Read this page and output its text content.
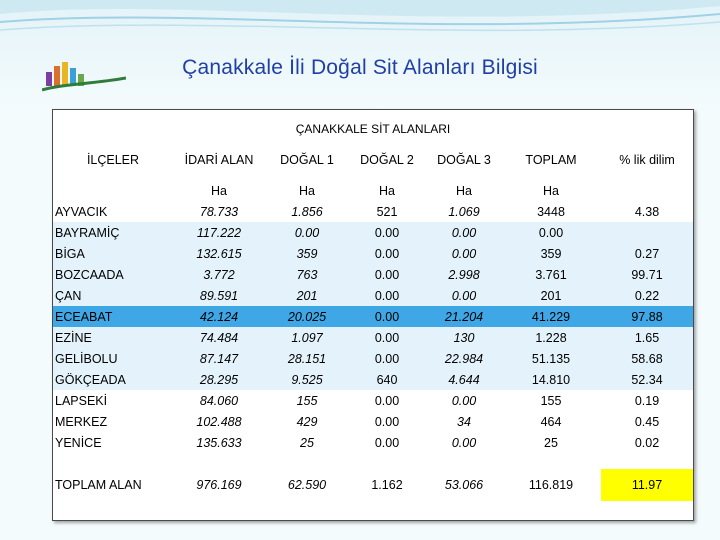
Çanakkale İli Doğal Sit Alanları Bilgisi
ÇANAKKALE SİT ALANLARI
İLÇELER	İDARİ ALAN	DOĞAL 1	DOĞAL 2	DOĞAL 3	TOPLAM	% lik dilim
	Ha	Ha	Ha	Ha	Ha	
AYVACIK	78.733	1.856	521	1.069	3448	4.38
BAYRAMİÇ	117.222	0.00	0.00	0.00	0.00	
BİGA	132.615	359	0.00	0.00	359	0.27
BOZCAADA	3.772	763	0.00	2.998	3.761	99.71
ÇAN	89.591	201	0.00	0.00	201	0.22
ECEABAT	42.124	20.025	0.00	21.204	41.229	97.88
EZİNE	74.484	1.097	0.00	130	1.228	1.65
GELİBOLU	87.147	28.151	0.00	22.984	51.135	58.68
GÖKÇEADA	28.295	9.525	640	4.644	14.810	52.34
LAPSEKİ	84.060	155	0.00	0.00	155	0.19
MERKEZ	102.488	429	0.00	34	464	0.45
YENİCE	135.633	25	0.00	0.00	25	0.02

TOPLAM ALAN	976.169	62.590	1.162	53.066	116.819	11.97
